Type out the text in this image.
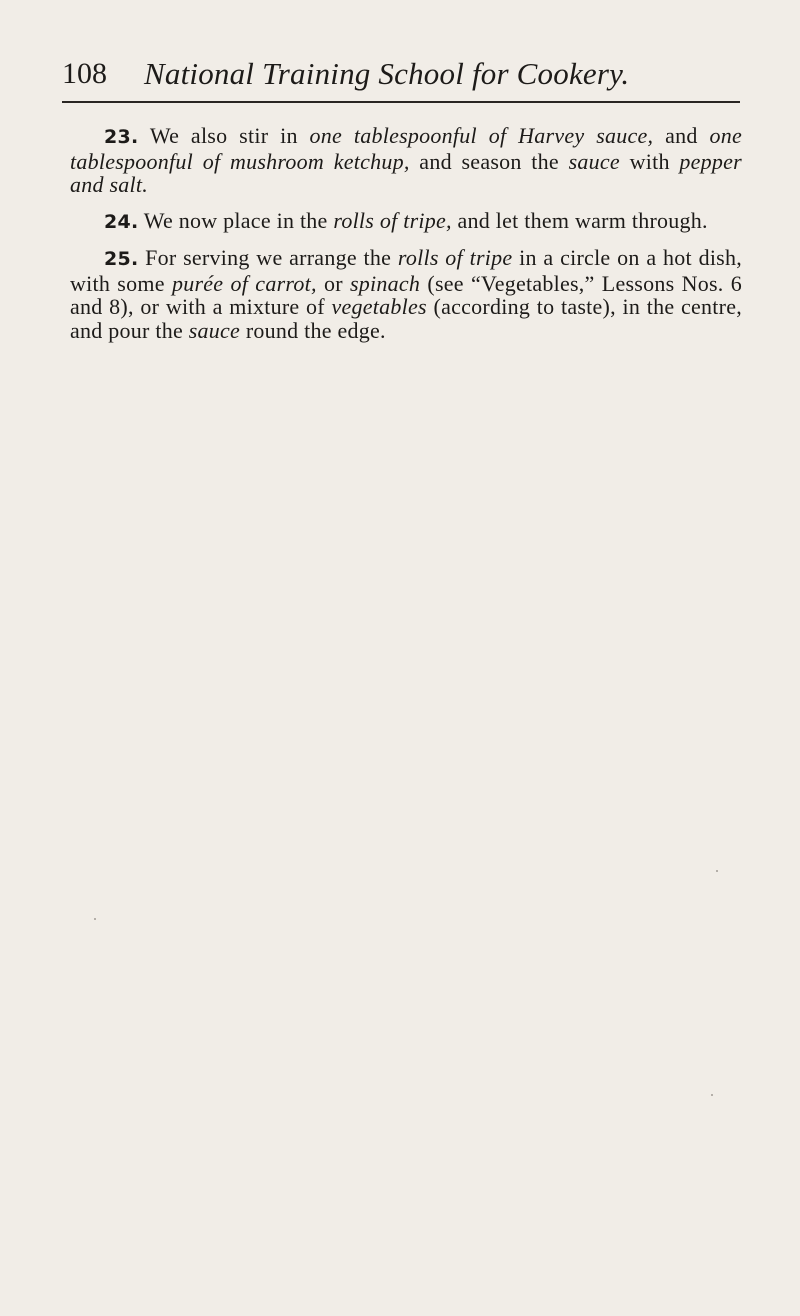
108 National Training School for Cookery.

23. We also stir in one tablespoonful of Harvey sauce, and one tablespoonful of mushroom ketchup, and season the sauce with pepper and salt.

24. We now place in the rolls of tripe, and let them warm through.

25. For serving we arrange the rolls of tripe in a circle on a hot dish, with some purée of carrot, or spinach (see “Vegetables,” Lessons Nos. 6 and 8), or with a mixture of vegetables (according to taste), in the centre, and pour the sauce round the edge.
